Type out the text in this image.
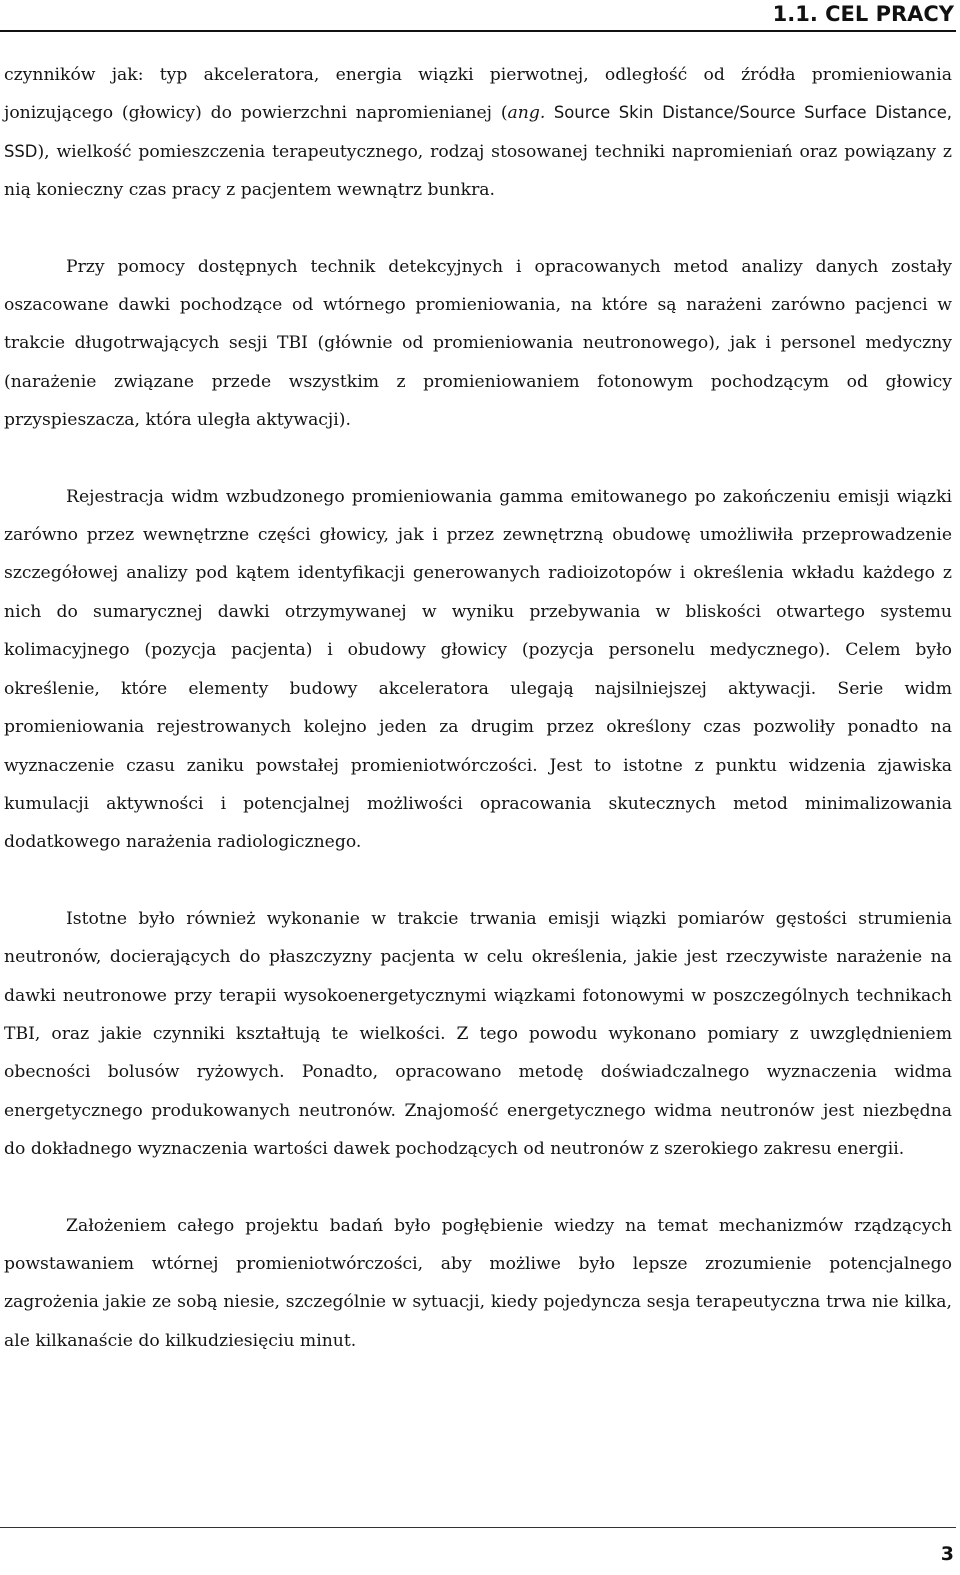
1.1. CEL PRACY

czynników jak: typ akceleratora, energia wiązki pierwotnej, odległość od źródła promieniowania jonizującego (głowicy) do powierzchni napromienianej (ang. Source Skin Distance/Source Surface Distance, SSD), wielkość pomieszczenia terapeutycznego, rodzaj stosowanej techniki napromieniań oraz powiązany z nią konieczny czas pracy z pacjentem wewnątrz bunkra.

Przy pomocy dostępnych technik detekcyjnych i opracowanych metod analizy danych zostały oszacowane dawki pochodzące od wtórnego promieniowania, na które są narażeni zarówno pacjenci w trakcie długotrwających sesji TBI (głównie od promieniowania neutronowego), jak i personel medyczny (narażenie związane przede wszystkim z promieniowaniem fotonowym pochodzącym od głowicy przyspieszacza, która uległa aktywacji).

Rejestracja widm wzbudzonego promieniowania gamma emitowanego po zakończeniu emisji wiązki zarówno przez wewnętrzne części głowicy, jak i przez zewnętrzną obudowę umożliwiła przeprowadzenie szczegółowej analizy pod kątem identyfikacji generowanych radioizotopów i określenia wkładu każdego z nich do sumarycznej dawki otrzymywanej w wyniku przebywania w bliskości otwartego systemu kolimacyjnego (pozycja pacjenta) i obudowy głowicy (pozycja personelu medycznego). Celem było określenie, które elementy budowy akceleratora ulegają najsilniejszej aktywacji. Serie widm promieniowania rejestrowanych kolejno jeden za drugim przez określony czas pozwoliły ponadto na wyznaczenie czasu zaniku powstałej promieniotwórczości. Jest to istotne z punktu widzenia zjawiska kumulacji aktywności i potencjalnej możliwości opracowania skutecznych metod minimalizowania dodatkowego narażenia radiologicznego.

Istotne było również wykonanie w trakcie trwania emisji wiązki pomiarów gęstości strumienia neutronów, docierających do płaszczyzny pacjenta w celu określenia, jakie jest rzeczywiste narażenie na dawki neutronowe przy terapii wysokoenergetycznymi wiązkami fotonowymi w poszczególnych technikach TBI, oraz jakie czynniki kształtują te wielkości. Z tego powodu wykonano pomiary z uwzględnieniem obecności bolusów ryżowych. Ponadto, opracowano metodę doświadczalnego wyznaczenia widma energetycznego produkowanych neutronów. Znajomość energetycznego widma neutronów jest niezbędna do dokładnego wyznaczenia wartości dawek pochodzących od neutronów z szerokiego zakresu energii.

Założeniem całego projektu badań było pogłębienie wiedzy na temat mechanizmów rządzących powstawaniem wtórnej promieniotwórczości, aby możliwe było lepsze zrozumienie potencjalnego zagrożenia jakie ze sobą niesie, szczególnie w sytuacji, kiedy pojedyncza sesja terapeutyczna trwa nie kilka, ale kilkanaście do kilkudziesięciu minut.

3
